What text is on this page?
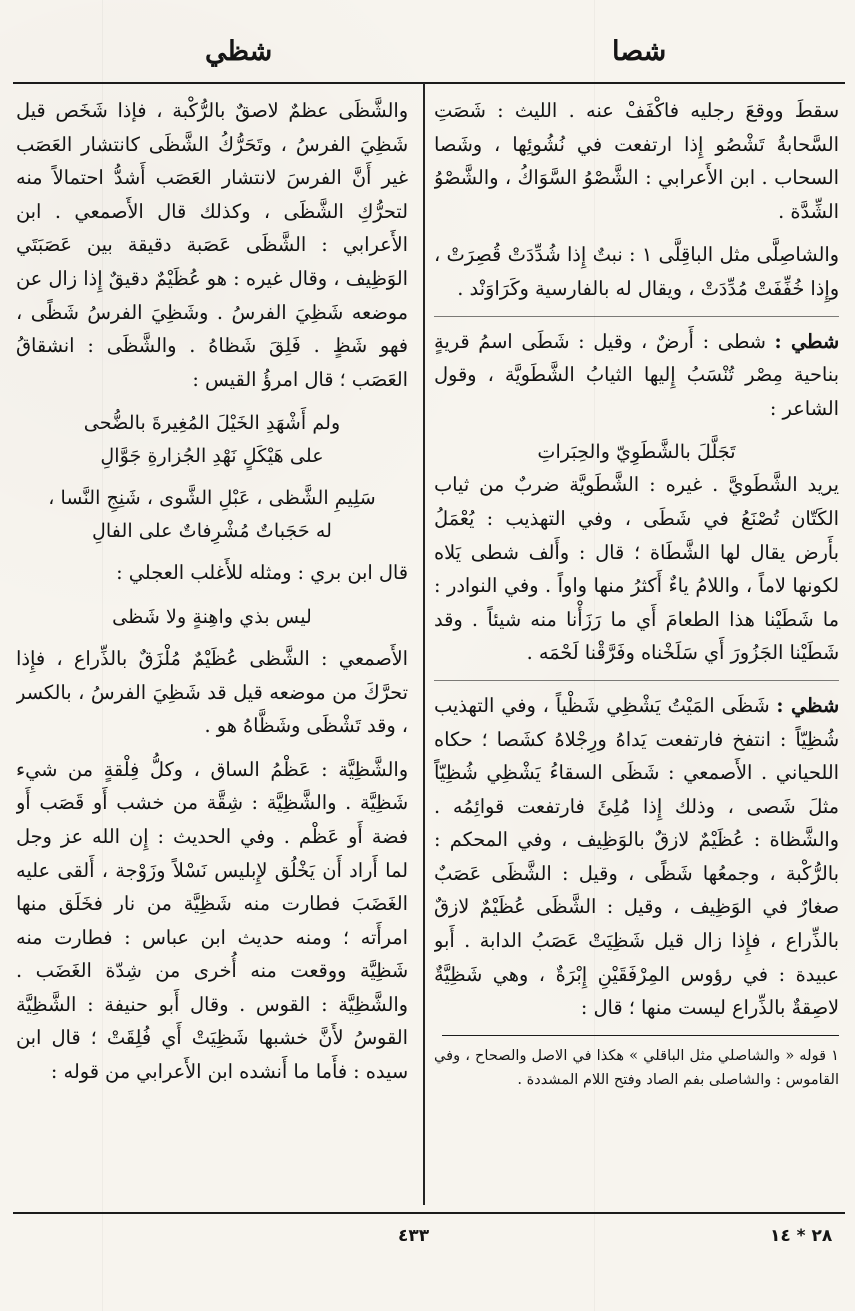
شظي	شصا

والشَّظَى عظمٌ لاصقٌ بالرُّكْبة ، فإذا شَخَص قيل شَظِيَ الفرسُ ، وتَحَرُّكُ الشَّظَى كانتشار العَصَب غير أَنَّ الفرسَ لانتشار العَصَب أَشدُّ احتمالاً منه لتحرُّكِ الشَّظَى ، وكذلك قال الأَصمعي . ابن الأَعرابي : الشَّظَى عَصَبة دقيقة بين عَصَبَتَي الوَظِيف ، وقال غيره : هو عُظَيْمٌ دقيقٌ إِذا زال عن موضعه شَظِيَ الفرسُ . وشَظِيَ الفرسُ شَظًى ، فهو شَظٍ . فَلِقَ شَظاهُ . والشَّظَى : انشقاقُ العَصَب ؛ قال امرؤُ القيس :

ولم أَشْهَدِ الخَيْلَ المُغِيرةَ بالضُّحى

على هَيْكَلٍ نَهْدِ الجُزارةِ جَوَّالِ

سَلِيمِ الشَّظى ، عَبْلِ الشَّوى ، شَنِجِ النَّسا ،

له حَجَباتٌ مُشْرِفاتٌ على الفالِ

قال ابن بري : ومثله للأَغلب العجلي :

ليس بذي واهِنةٍ ولا شَظى

الأَصمعي : الشَّظى عُظَيْمٌ مُلْزَقٌ بالذِّراع ، فإِذا تحرَّكَ من موضعه قيل قد شَظِيَ الفرسُ ، بالكسر ، وقد تَشْظَى وشَظَّاهُ هو .

والشَّظِيَّة : عَظْمُ الساق ، وكلُّ فِلْقةٍ من شيء شَظِيَّة . والشَّظِيَّة : شِقَّة من خشب أَو قَصَب أَو فضة أَو عَظْم . وفي الحديث : إِن الله عز وجل لما أَراد أَن يَخْلُق لإِبليس نَسْلاً وزَوْجة ، أَلقى عليه الغَضَبَ فطارت منه شَظِيَّة من نار فخَلَق منها امرأَته ؛ ومنه حديث ابن عباس : فطارت منه شَظِيَّة ووقعت منه أُخرى من شِدّة الغَضَب . والشَّظِيَّة : القوس . وقال أَبو حنيفة : الشَّظِيَّة القوسُ لأَنَّ خشبها شَظِيَتْ أَي فُلِقَتْ ؛ قال ابن سيده : فأَما ما أَنشده ابن الأَعرابي من قوله :

سقطَ ووقعَ رجليه فاكْفَفْ عنه . الليث : شَصَتِ السَّحابةُ تَشْصُو إِذا ارتفعت في نُشُوئِها ، وشَصا السحاب . ابن الأَعرابي : الشَّصْوُ السَّوَاكُ ، والشَّصْوُ الشِّدَّة .

والشاصِلَّى مثل الباقِلَّى ١ : نبتٌ إِذا شُدِّدَتْ قُصِرَتْ ، وإِذا خُفِّفَتْ مُدِّدَتْ ، ويقال له بالفارسية وكَرَاوَنْد .

شطي : شطى : أَرضٌ ، وقيل : شَطَى اسمُ قريةٍ بناحية مِصْر تُنْسَبُ إِليها الثيابُ الشَّطَويَّة ، وقول الشاعر :

تَجَلَّلَ بالشَّطَوِيّ والحِبَراتِ

يريد الشَّطَويَّ . غيره : الشَّطَويَّة ضربٌ من ثياب الكَتّان تُصْنَعُ في شَطَى ، وفي التهذيب : يُعْمَلُ بأَرض يقال لها الشَّطَاة ؛ قال : وأَلف شطى يَلاه لكونها لاماً ، واللامُ ياءٌ أَكثرُ منها واواً . وفي النوادر : ما شَطَيْنا هذا الطعامَ أَي ما رَزَأْنا منه شيئاً . وقد شَطَيْنا الجَزُورَ أَي سَلَخْناه وفَرَّقْنا لَحْمَه .

شظي : شَظَى المَيْتُ يَشْظِي شَظْياً ، وفي التهذيب شُظِيّاً : انتفخ فارتفعت يَداهُ ورِجْلاهُ كشَصا ؛ حكاه اللحياني . الأَصمعي : شَظَى السقاءُ يَشْظِي شُظِيّاً مثلَ شَصى ، وذلك إِذا مُلِئَ فارتفعت قوائِمُه . والشَّظاة : عُظَيْمٌ لازقٌ بالوَظِيف ، وفي المحكم : بالرُّكْبة ، وجمعُها شَظًى ، وقيل : الشَّظَى عَصَبٌ صغارٌ في الوَظِيف ، وقيل : الشَّظَى عُظَيْمٌ لازقٌ بالذِّراع ، فإِذا زال قيل شَظِيَتْ عَصَبُ الدابة . أَبو عبيدة : في رؤوس المِرْفَقَيْنِ إِبْرَةٌ ، وهي شَظِيَّةٌ لاصِقةٌ بالذِّراع ليست منها ؛ قال :

١ قوله « والشاصلي مثل الباقلي » هكذا في الاصل والصحاح ، وفي القاموس : والشاصلى بفم الصاد وفتح اللام المشددة .

٤٣٣	٢٨ * ١٤
